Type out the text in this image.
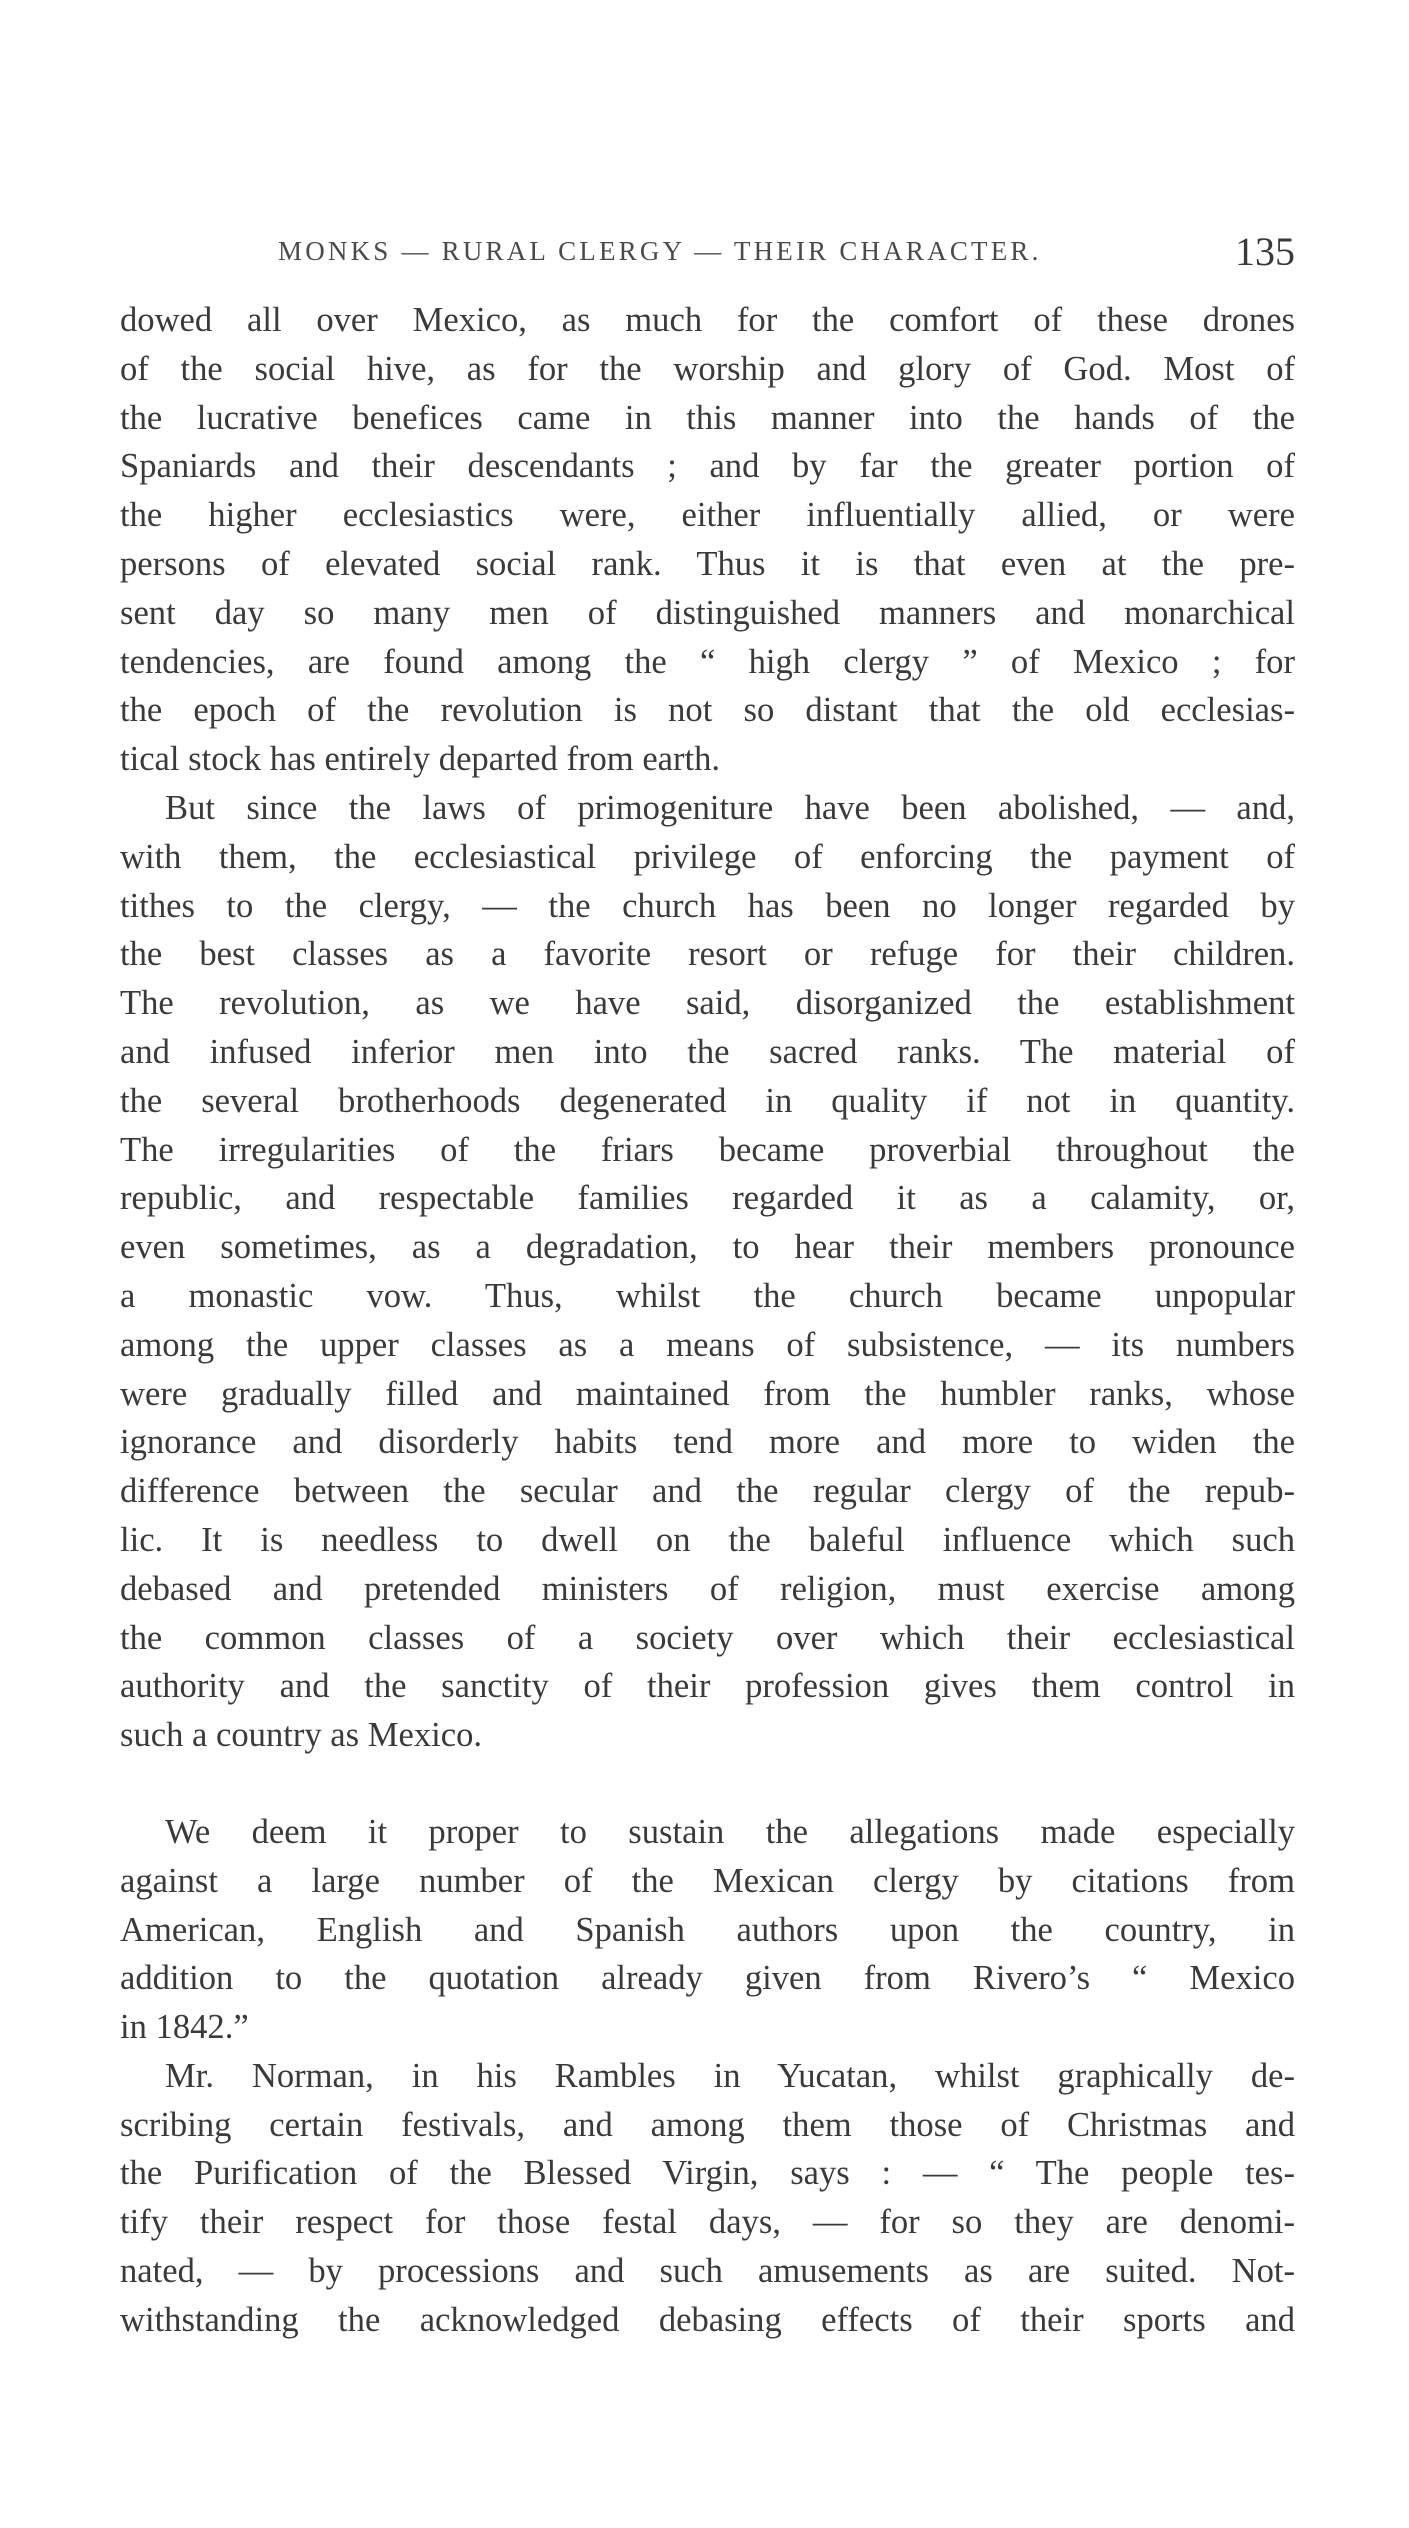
MONKS — RURAL CLERGY — THEIR CHARACTER.	135
dowed all over Mexico, as much for the comfort of these drones
of the social hive, as for the worship and glory of God. Most of
the lucrative benefices came in this manner into the hands of the
Spaniards and their descendants ; and by far the greater portion of
the higher ecclesiastics were, either influentially allied, or were
persons of elevated social rank. Thus it is that even at the pre-
sent day so many men of distinguished manners and monarchical
tendencies, are found among the “ high clergy ” of Mexico ; for
the epoch of the revolution is not so distant that the old ecclesias-
tical stock has entirely departed from earth.
But since the laws of primogeniture have been abolished, — and,
with them, the ecclesiastical privilege of enforcing the payment of
tithes to the clergy, — the church has been no longer regarded by
the best classes as a favorite resort or refuge for their children.
The revolution, as we have said, disorganized the establishment
and infused inferior men into the sacred ranks. The material of
the several brotherhoods degenerated in quality if not in quantity.
The irregularities of the friars became proverbial throughout the
republic, and respectable families regarded it as a calamity, or,
even sometimes, as a degradation, to hear their members pronounce
a monastic vow. Thus, whilst the church became unpopular
among the upper classes as a means of subsistence, — its numbers
were gradually filled and maintained from the humbler ranks, whose
ignorance and disorderly habits tend more and more to widen the
difference between the secular and the regular clergy of the repub-
lic. It is needless to dwell on the baleful influence which such
debased and pretended ministers of religion, must exercise among
the common classes of a society over which their ecclesiastical
authority and the sanctity of their profession gives them control in
such a country as Mexico.
We deem it proper to sustain the allegations made especially
against a large number of the Mexican clergy by citations from
American, English and Spanish authors upon the country, in
addition to the quotation already given from Rivero’s “ Mexico
in 1842.”
Mr. Norman, in his Rambles in Yucatan, whilst graphically de-
scribing certain festivals, and among them those of Christmas and
the Purification of the Blessed Virgin, says : — “ The people tes-
tify their respect for those festal days, — for so they are denomi-
nated, — by processions and such amusements as are suited. Not-
withstanding the acknowledged debasing effects of their sports and
